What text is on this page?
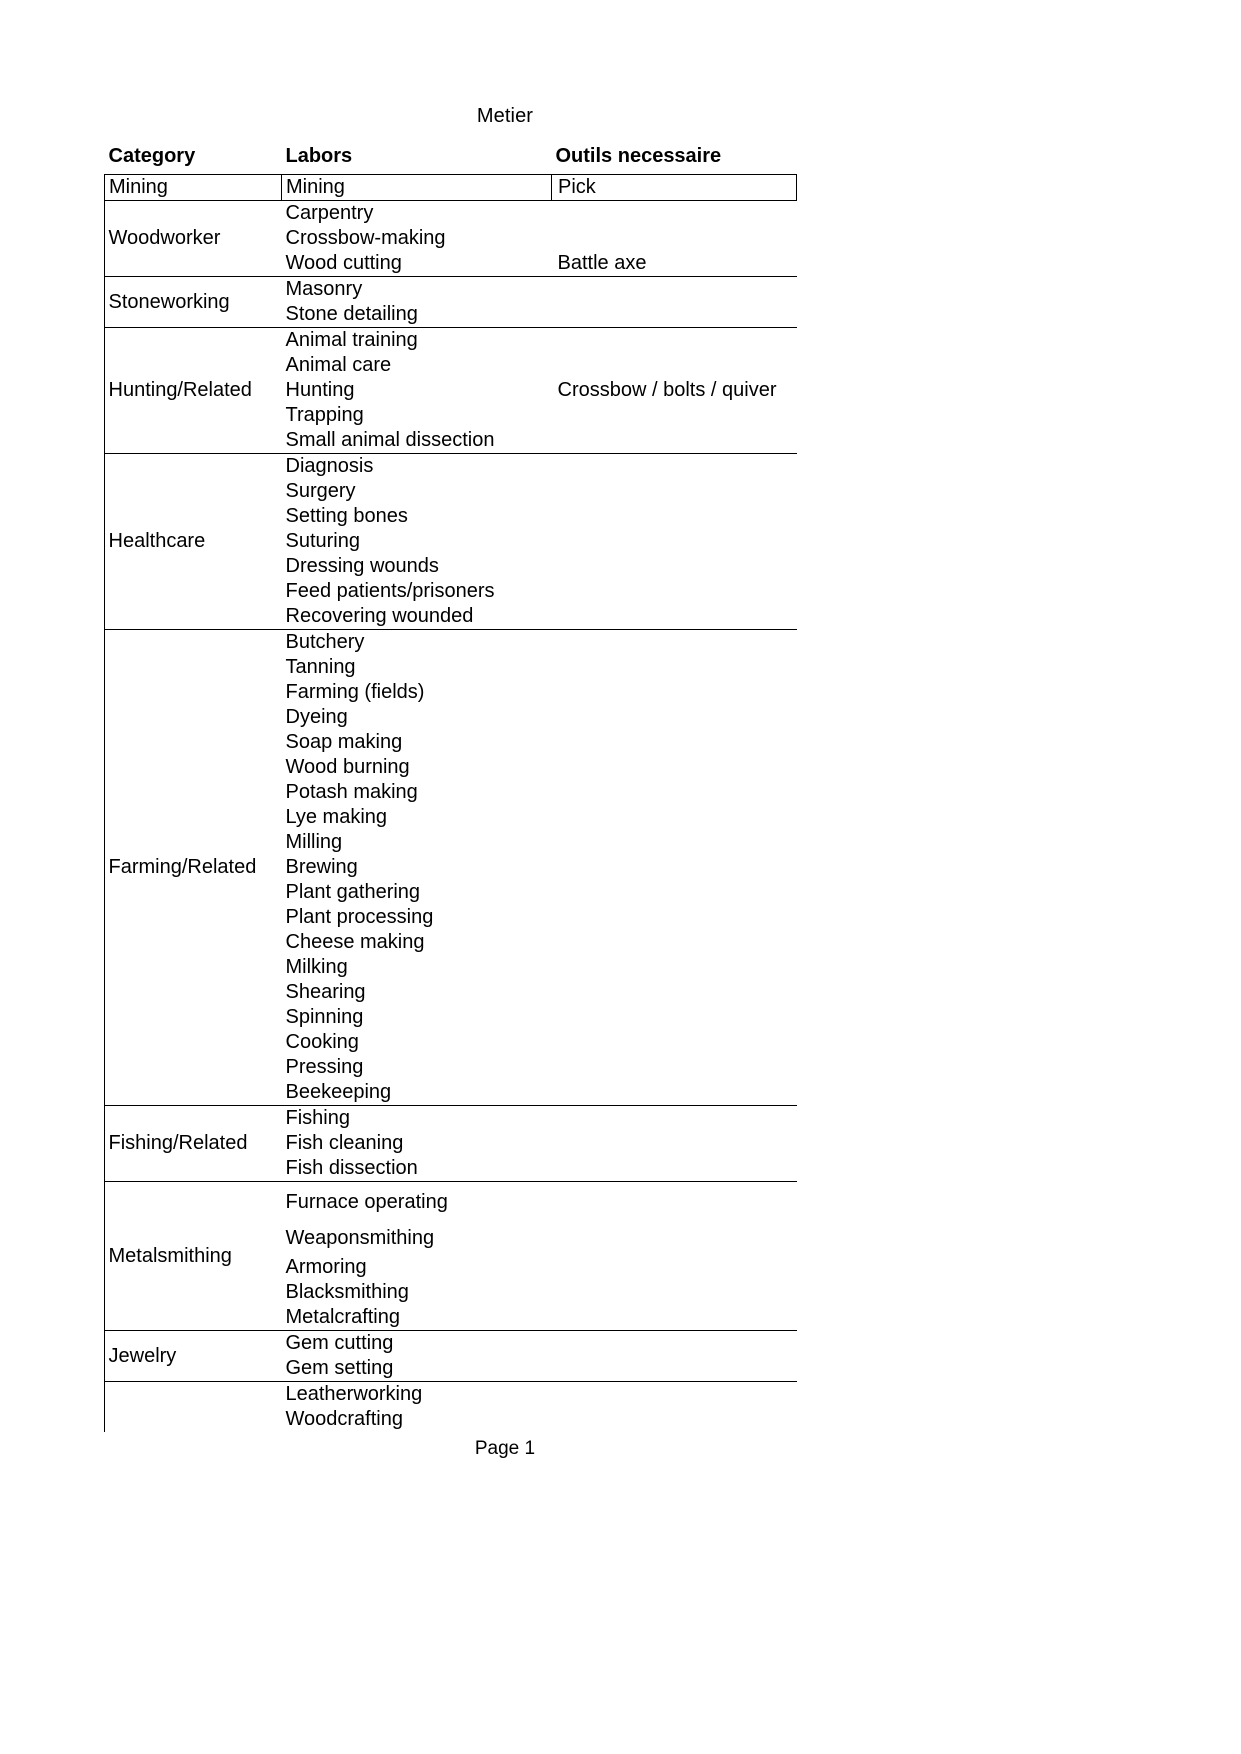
Metier
Category	Labors	Outils necessaire
Mining	Mining	Pick
Woodworker	Carpentry	
	Crossbow-making	
	Wood cutting	Battle axe
Stoneworking	Masonry	
	Stone detailing	
Hunting/Related	Animal training	
	Animal care	
	Hunting	Crossbow / bolts / quiver
	Trapping	
	Small animal dissection	
Healthcare	Diagnosis	
	Surgery	
	Setting bones	
	Suturing	
	Dressing wounds	
	Feed patients/prisoners	
	Recovering wounded	
Farming/Related	Butchery	
	Tanning	
	Farming (fields)	
	Dyeing	
	Soap making	
	Wood burning	
	Potash making	
	Lye making	
	Milling	
	Brewing	
	Plant gathering	
	Plant processing	
	Cheese making	
	Milking	
	Shearing	
	Spinning	
	Cooking	
	Pressing	
	Beekeeping	
Fishing/Related	Fishing	
	Fish cleaning	
	Fish dissection	
Metalsmithing	Furnace operating	
	Weaponsmithing	
	Armoring	
	Blacksmithing	
	Metalcrafting	
Jewelry	Gem cutting	
	Gem setting	
	Leatherworking	
	Woodcrafting	
Page 1
